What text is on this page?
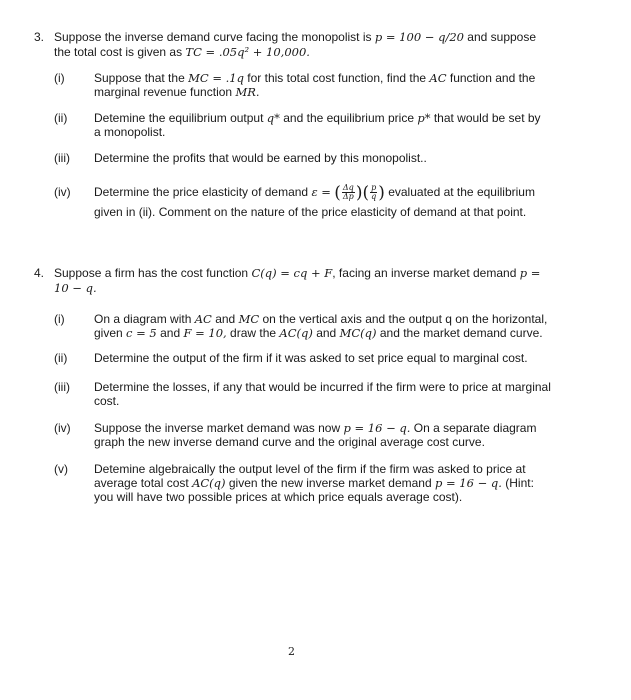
3. Suppose the inverse demand curve facing the monopolist is p = 100 − q/20 and suppose
the total cost is given as TC = .05q² + 10,000.
(i)	Suppose that the MC = .1q for this total cost function, find the AC function and the
marginal revenue function MR.
(ii)	Detemine the equilibrium output q* and the equilibrium price p* that would be set by
a monopolist.
(iii)	Determine the profits that would be earned by this monopolist..
(iv)	Determine the price elasticity of demand ε = ( $\frac{\Delta q}{\Delta p}$ )( $\frac{p}{q}$ ) evaluated at the equilibrium
given in (ii). Comment on the nature of the price elasticity of demand at that point.
4. Suppose a firm has the cost function C(q) = cq + F, facing an inverse market demand p =
10 − q.
(i)	On a diagram with AC and MC on the vertical axis and the output q on the horizontal,
given c = 5 and F = 10, draw the AC(q) and MC(q) and the market demand curve.
(ii)	Determine the output of the firm if it was asked to set price equal to marginal cost.
(iii)	Determine the losses, if any that would be incurred if the firm were to price at marginal
cost.
(iv)	Suppose the inverse market demand was now p = 16 − q. On a separate diagram
graph the new inverse demand curve and the original average cost curve.
(v)	Detemine algebraically the output level of the firm if the firm was asked to price at
average total cost AC(q) given the new inverse market demand p = 16 − q. (Hint:
you will have two possible prices at which price equals average cost).
2
